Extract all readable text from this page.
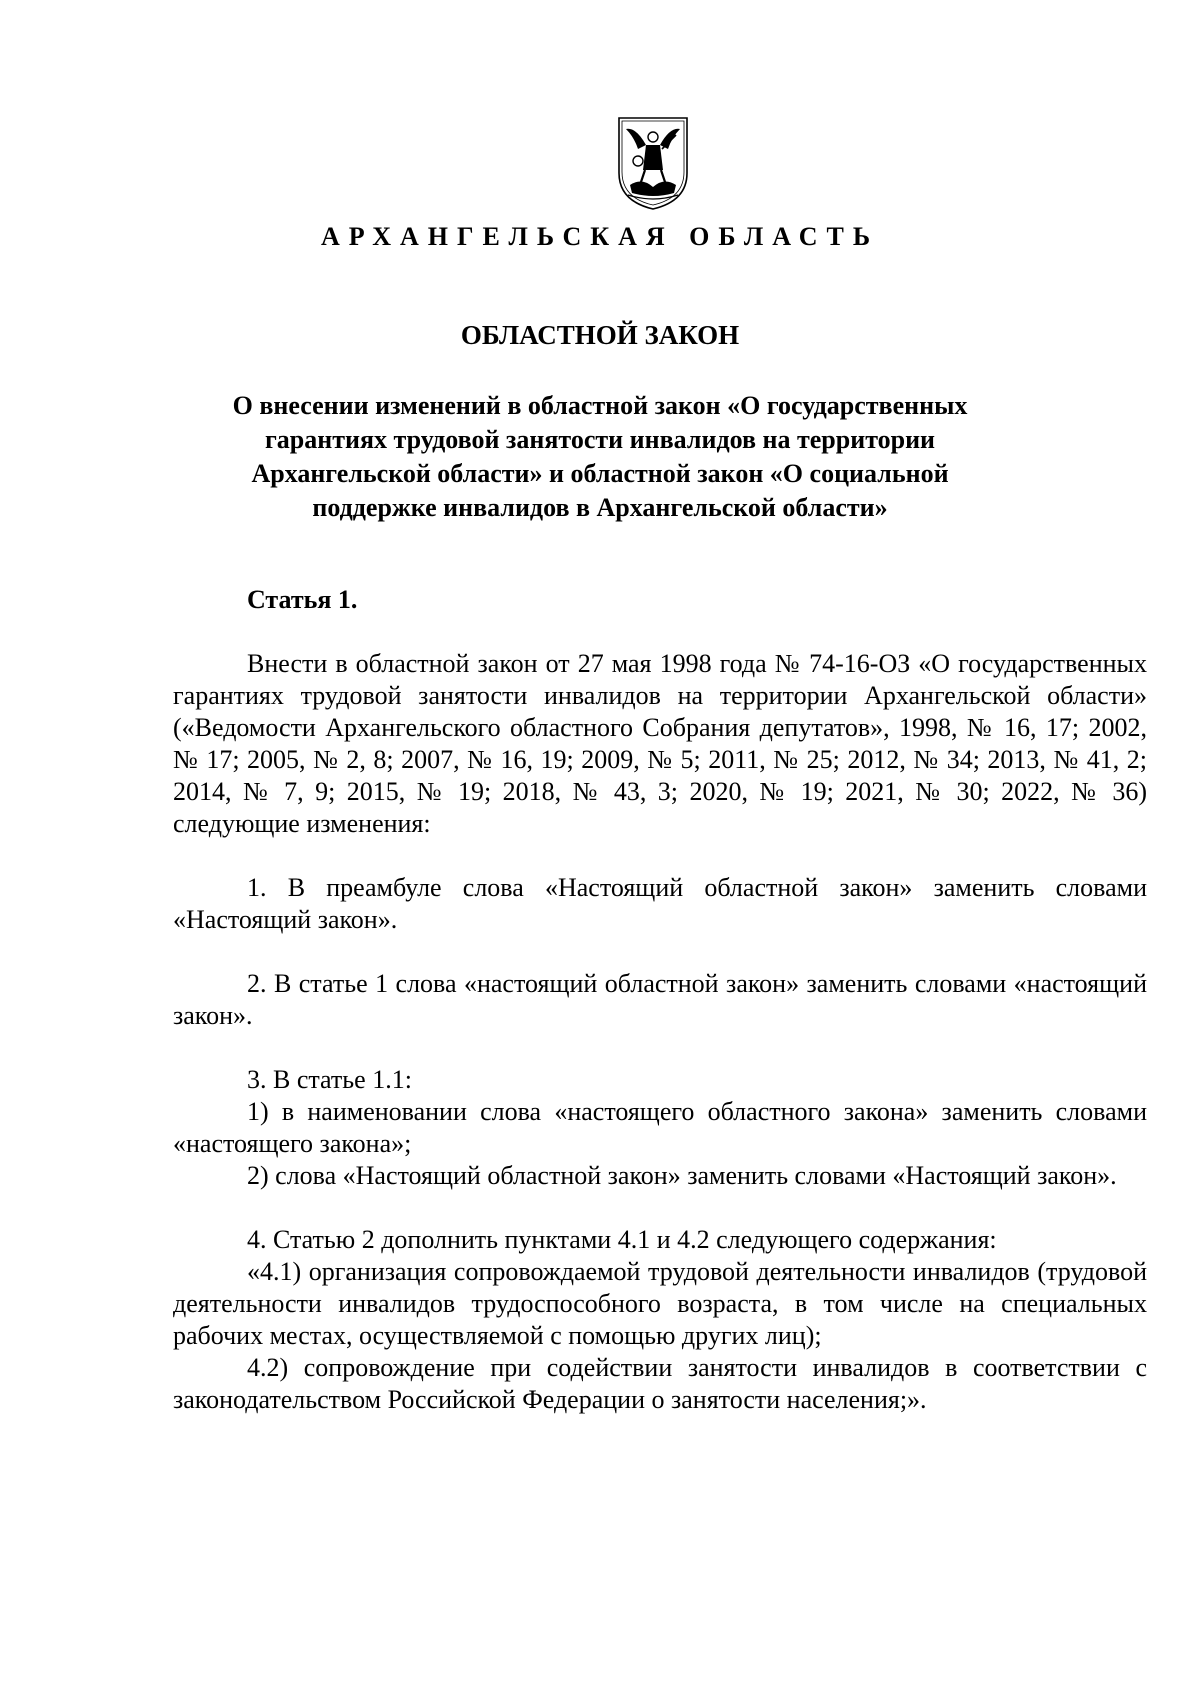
АРХАНГЕЛЬСКАЯ ОБЛАСТЬ
ОБЛАСТНОЙ ЗАКОН
О внесении изменений в областной закон «О государственных гарантиях трудовой занятости инвалидов на территории Архангельской области» и областной закон «О социальной поддержке инвалидов в Архангельской области»
Статья 1.

Внести в областной закон от 27 мая 1998 года № 74-16-ОЗ «О государственных гарантиях трудовой занятости инвалидов на территории Архангельской области» («Ведомости Архангельского областного Собрания депутатов», 1998, № 16, 17; 2002, № 17; 2005, № 2, 8; 2007, № 16, 19; 2009, № 5; 2011, № 25; 2012, № 34; 2013, № 41, 2; 2014, № 7, 9; 2015, № 19; 2018, № 43, 3; 2020, № 19; 2021, № 30; 2022, № 36) следующие изменения:

1. В преамбуле слова «Настоящий областной закон» заменить словами «Настоящий закон».

2. В статье 1 слова «настоящий областной закон» заменить словами «настоящий закон».

3. В статье 1.1:

1) в наименовании слова «настоящего областного закона» заменить словами «настоящего закона»;

2) слова «Настоящий областной закон» заменить словами «Настоящий закон».

4. Статью 2 дополнить пунктами 4.1 и 4.2 следующего содержания:

«4.1) организация сопровождаемой трудовой деятельности инвалидов (трудовой деятельности инвалидов трудоспособного возраста, в том числе на специальных рабочих местах, осуществляемой с помощью других лиц);

4.2) сопровождение при содействии занятости инвалидов в соответствии с законодательством Российской Федерации о занятости населения;».
